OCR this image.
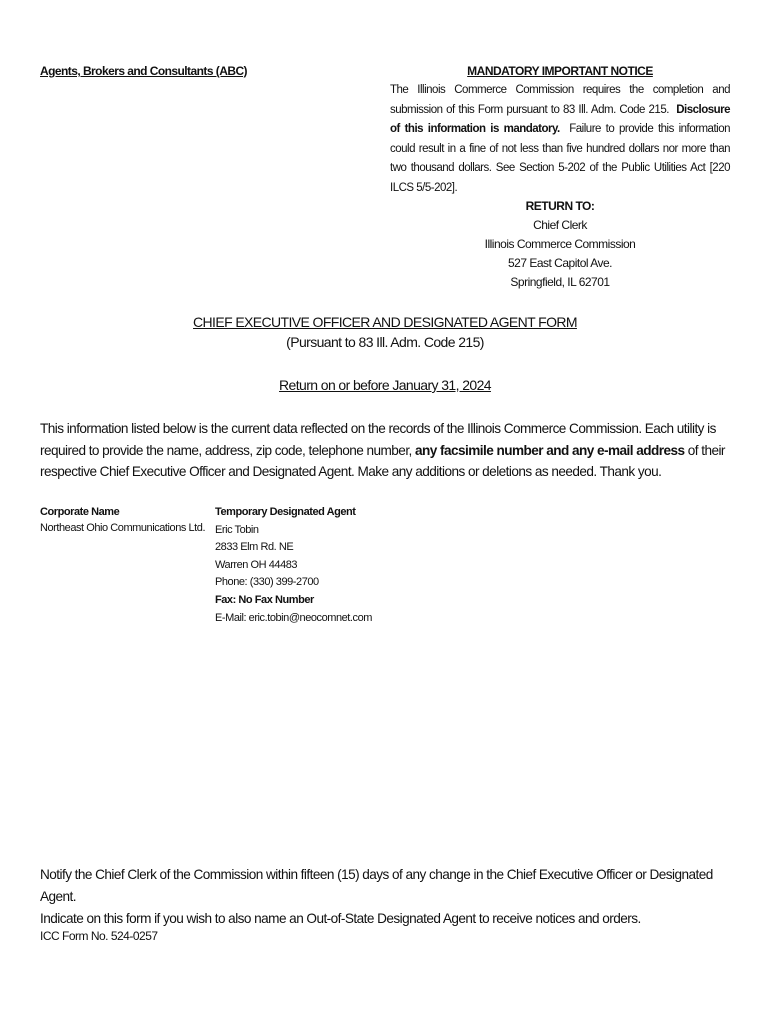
Agents, Brokers and Consultants (ABC)	MANDATORY IMPORTANT NOTICE
The Illinois Commerce Commission requires the completion and submission of this Form pursuant to 83 Ill. Adm. Code 215. Disclosure of this information is mandatory. Failure to provide this information could result in a fine of not less than five hundred dollars nor more than two thousand dollars. See Section 5-202 of the Public Utilities Act [220 ILCS 5/5-202].
RETURN TO:
Chief Clerk
Illinois Commerce Commission
527 East Capitol Ave.
Springfield, IL 62701
CHIEF EXECUTIVE OFFICER AND DESIGNATED AGENT FORM
(Pursuant to 83 Ill. Adm. Code 215)
Return on or before January 31, 2024
This information listed below is the current data reflected on the records of the Illinois Commerce Commission. Each utility is required to provide the name, address, zip code, telephone number, any facsimile number and any e-mail address of their respective Chief Executive Officer and Designated Agent. Make any additions or deletions as needed. Thank you.
Corporate Name
Northeast Ohio Communications Ltd.
Temporary Designated Agent
Eric Tobin
2833 Elm Rd. NE
Warren OH 44483
Phone: (330) 399-2700
Fax: No Fax Number
E-Mail: eric.tobin@neocomnet.com
Notify the Chief Clerk of the Commission within fifteen (15) days of any change in the Chief Executive Officer or Designated Agent.
Indicate on this form if you wish to also name an Out-of-State Designated Agent to receive notices and orders.
ICC Form No. 524-0257
